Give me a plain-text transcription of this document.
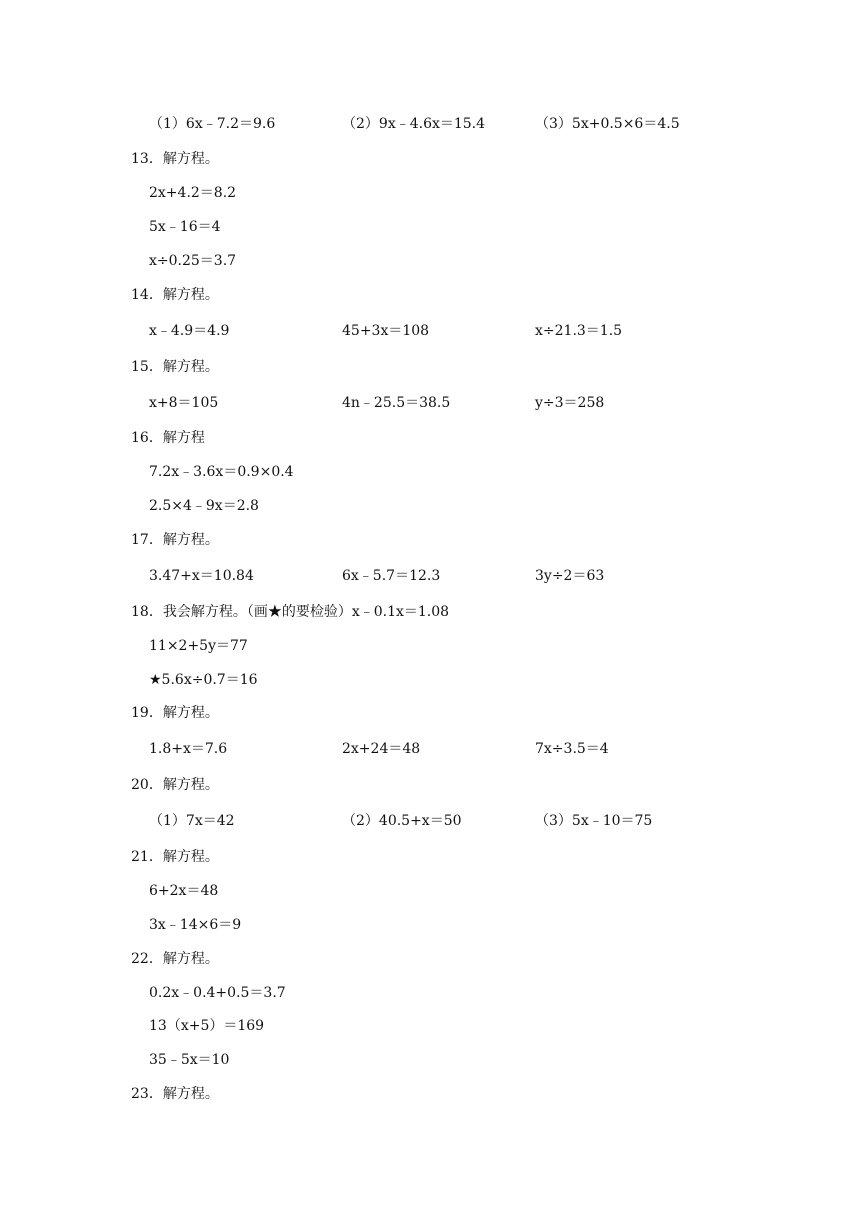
（1）6x﹣7.2＝9.6	（2）9x﹣4.6x＝15.4	（3）5x+0.5×6＝4.5
13．解方程。
2x+4.2＝8.2
5x﹣16＝4
x÷0.25＝3.7
14．解方程。
x﹣4.9＝4.9	45+3x＝108	x÷21.3＝1.5
15．解方程。
x+8＝105	4n﹣25.5＝38.5	y÷3＝258
16．解方程
7.2x﹣3.6x＝0.9×0.4
2.5×4﹣9x＝2.8
17．解方程。
3.47+x＝10.84	6x﹣5.7＝12.3	3y÷2＝63
18．我会解方程。（画★的要检验）x﹣0.1x＝1.08
11×2+5y＝77
★5.6x÷0.7＝16
19．解方程。
1.8+x＝7.6	2x+24＝48	7x÷3.5＝4
20．解方程。
（1）7x＝42	（2）40.5+x＝50	（3）5x﹣10＝75
21．解方程。
6+2x＝48
3x﹣14×6＝9
22．解方程。
0.2x﹣0.4+0.5＝3.7
13（x+5）＝169
35﹣5x＝10
23．解方程。
